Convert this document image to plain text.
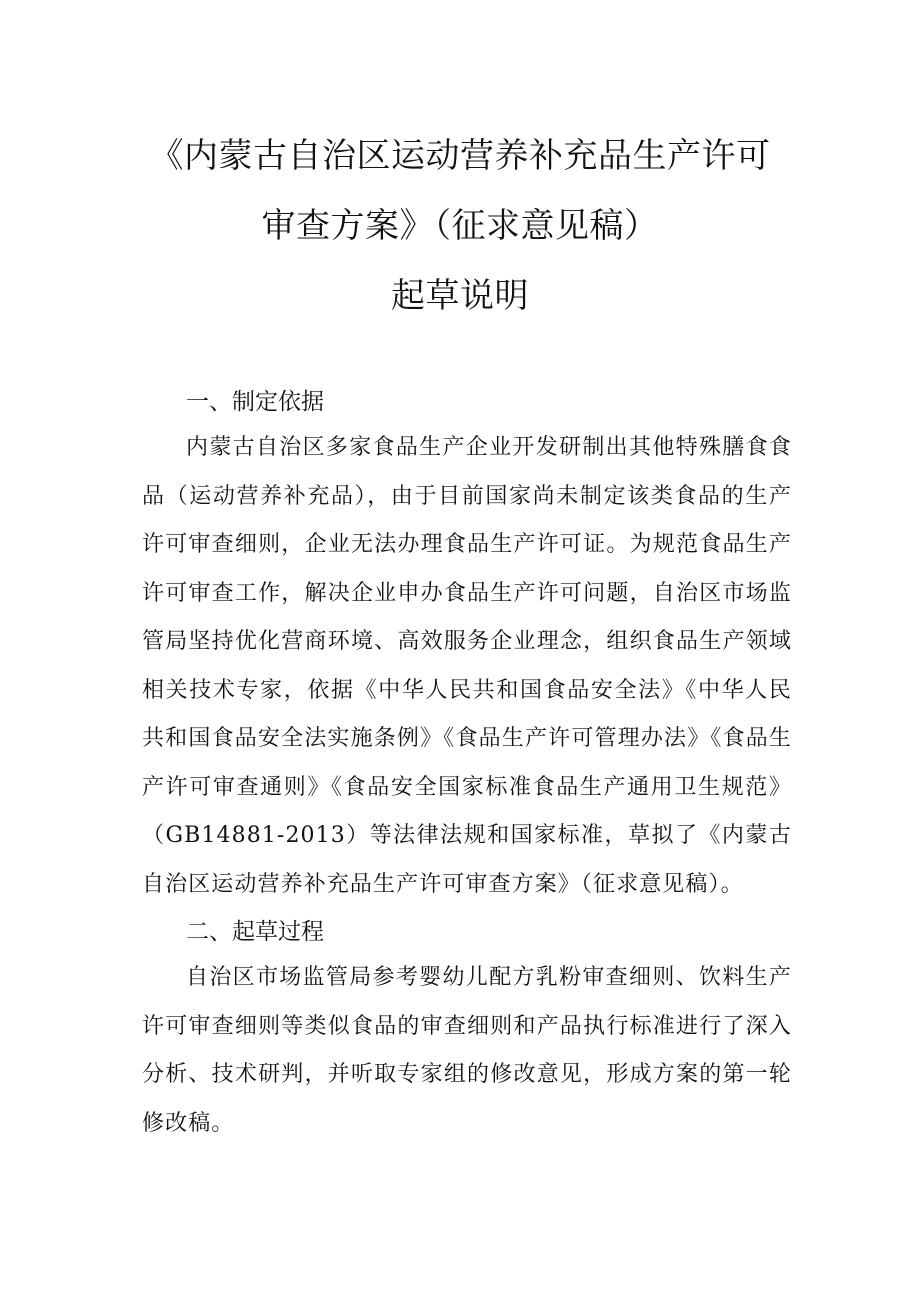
《内蒙古自治区运动营养补充品生产许可
审查方案》（征求意见稿）
起草说明
一、制定依据
内蒙古自治区多家食品生产企业开发研制出其他特殊膳食食品（运动营养补充品），由于目前国家尚未制定该类食品的生产许可审查细则，企业无法办理食品生产许可证。为规范食品生产许可审查工作，解决企业申办食品生产许可问题，自治区市场监管局坚持优化营商环境、高效服务企业理念，组织食品生产领域相关技术专家，依据《中华人民共和国食品安全法》《中华人民共和国食品安全法实施条例》《食品生产许可管理办法》《食品生产许可审查通则》《食品安全国家标准食品生产通用卫生规范》（GB14881-2013）等法律法规和国家标准，草拟了《内蒙古自治区运动营养补充品生产许可审查方案》（征求意见稿）。
二、起草过程
自治区市场监管局参考婴幼儿配方乳粉审查细则、饮料生产许可审查细则等类似食品的审查细则和产品执行标准进行了深入分析、技术研判，并听取专家组的修改意见，形成方案的第一轮修改稿。
